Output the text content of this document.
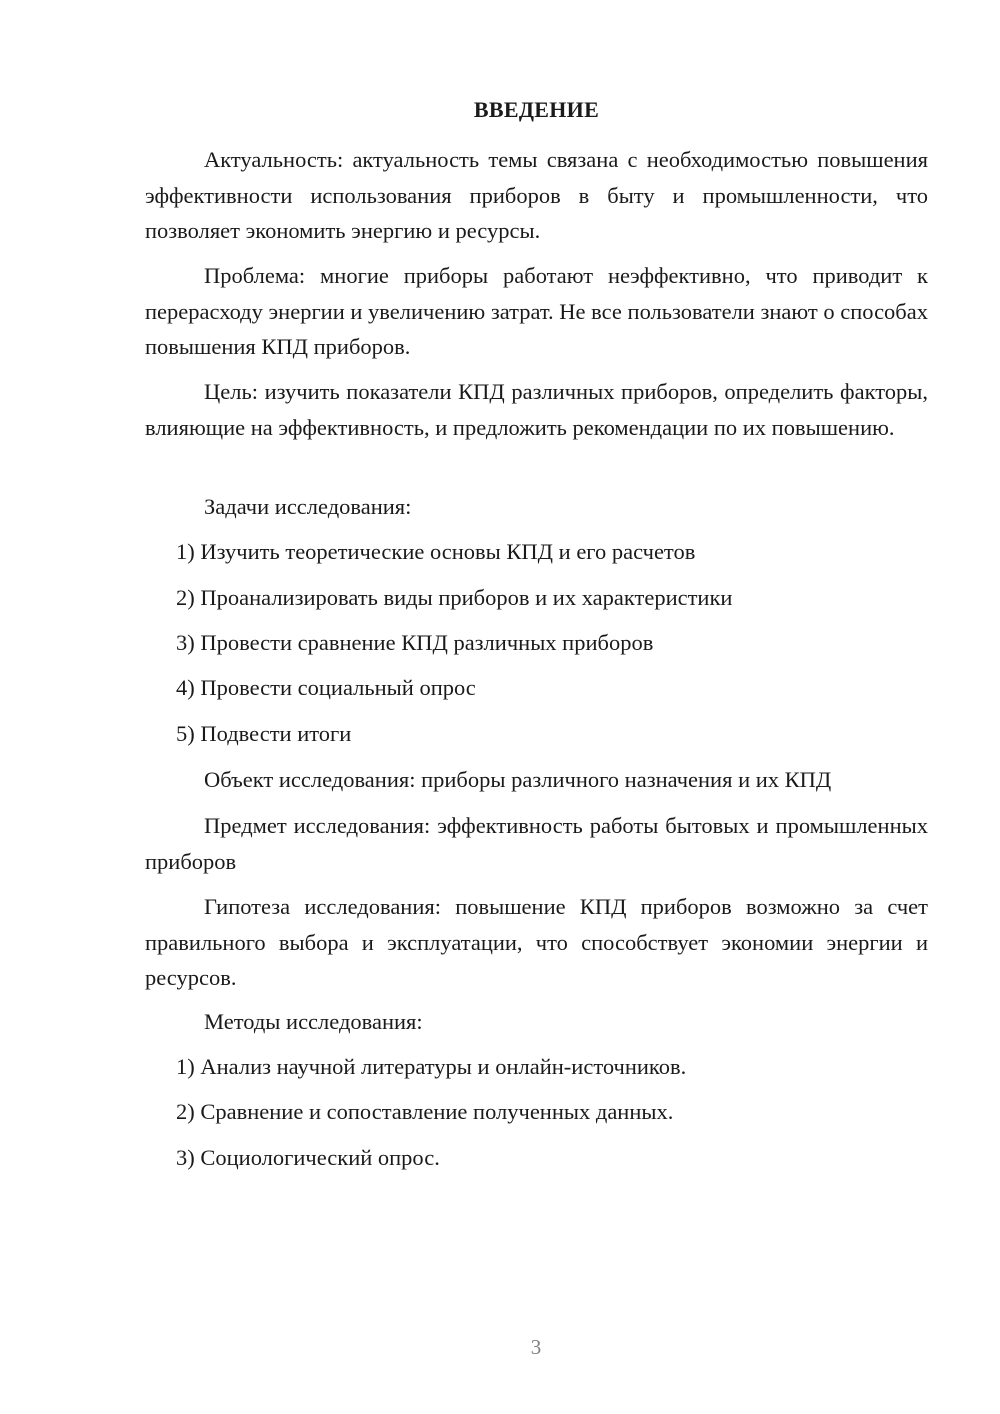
ВВЕДЕНИЕ

Актуальность: актуальность темы связана с необходимостью повышения эффективности использования приборов в быту и промышленности, что позволяет экономить энергию и ресурсы.

Проблема: многие приборы работают неэффективно, что приводит к перерасходу энергии и увеличению затрат. Не все пользователи знают о способах повышения КПД приборов.

Цель: изучить показатели КПД различных приборов, определить факторы, влияющие на эффективность, и предложить рекомендации по их повышению.

Задачи исследования:

1) Изучить теоретические основы КПД и его расчетов

2) Проанализировать виды приборов и их характеристики

3) Провести сравнение КПД различных приборов

4) Провести социальный опрос

5) Подвести итоги

Объект исследования: приборы различного назначения и их КПД

Предмет исследования: эффективность работы бытовых и промышленных приборов

Гипотеза исследования: повышение КПД приборов возможно за счет правильного выбора и эксплуатации, что способствует экономии энергии и ресурсов.

Методы исследования:

1) Анализ научной литературы и онлайн-источников.

2) Сравнение и сопоставление полученных данных.

3) Социологический опрос.

3
